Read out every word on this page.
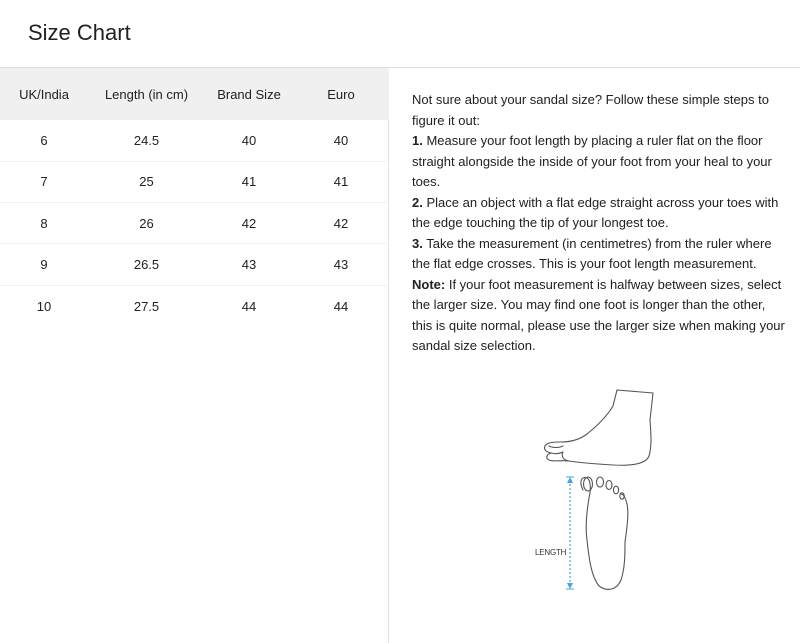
Size Chart
UK/India	Length (in cm)	Brand Size	Euro
6	24.5	40	40
7	25	41	41
8	26	42	42
9	26.5	43	43
10	27.5	44	44
Not sure about your sandal size? Follow these simple steps to figure it out:
1. Measure your foot length by placing a ruler flat on the floor straight alongside the inside of your foot from your heal to your toes.
2. Place an object with a flat edge straight across your toes with the edge touching the tip of your longest toe.
3. Take the measurement (in centimetres) from the ruler where the flat edge crosses. This is your foot length measurement.
Note: If your foot measurement is halfway between sizes, select the larger size. You may find one foot is longer than the other, this is quite normal, please use the larger size when making your sandal size selection.
LENGTH
